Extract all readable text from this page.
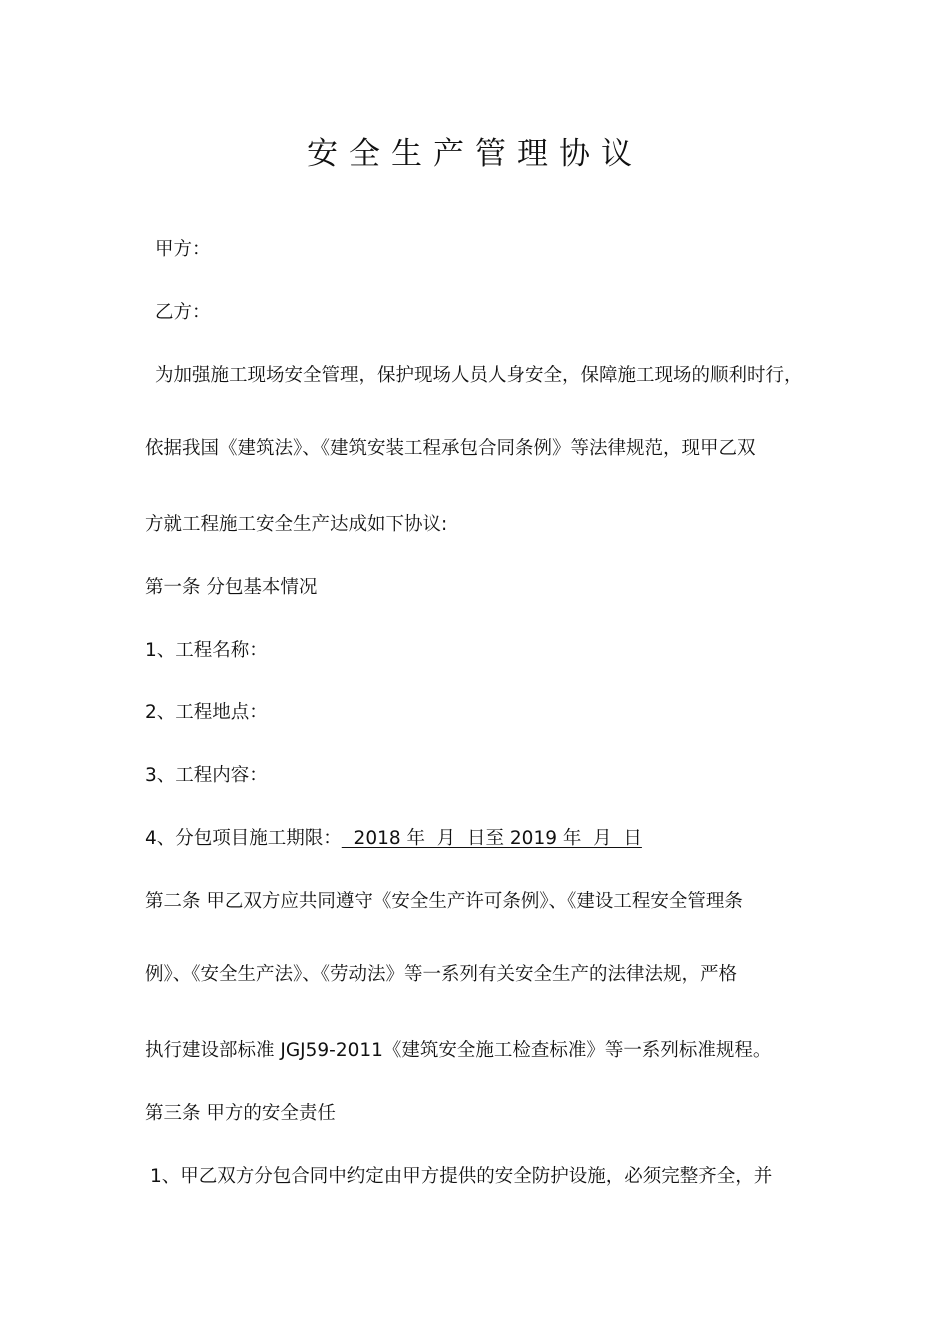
安全生产管理协议
甲方：
乙方：
为加强施工现场安全管理，保护现场人员人身安全，保障施工现场的顺利时行，
依据我国《建筑法》、《建筑安装工程承包合同条例》等法律规范，现甲乙双
方就工程施工安全生产达成如下协议:
第一条 分包基本情况
1、工程名称：
2、工程地点：
3、工程内容：
4、分包项目施工期限：  2018 年  月  日至 2019 年  月  日
第二条 甲乙双方应共同遵守《安全生产许可条例》、《建设工程安全管理条
例》、《安全生产法》、《劳动法》等一系列有关安全生产的法律法规，严格
执行建设部标准 JGJ59-2011《建筑安全施工检查标准》等一系列标准规程。
第三条 甲方的安全责任
1、甲乙双方分包合同中约定由甲方提供的安全防护设施，必须完整齐全，并
